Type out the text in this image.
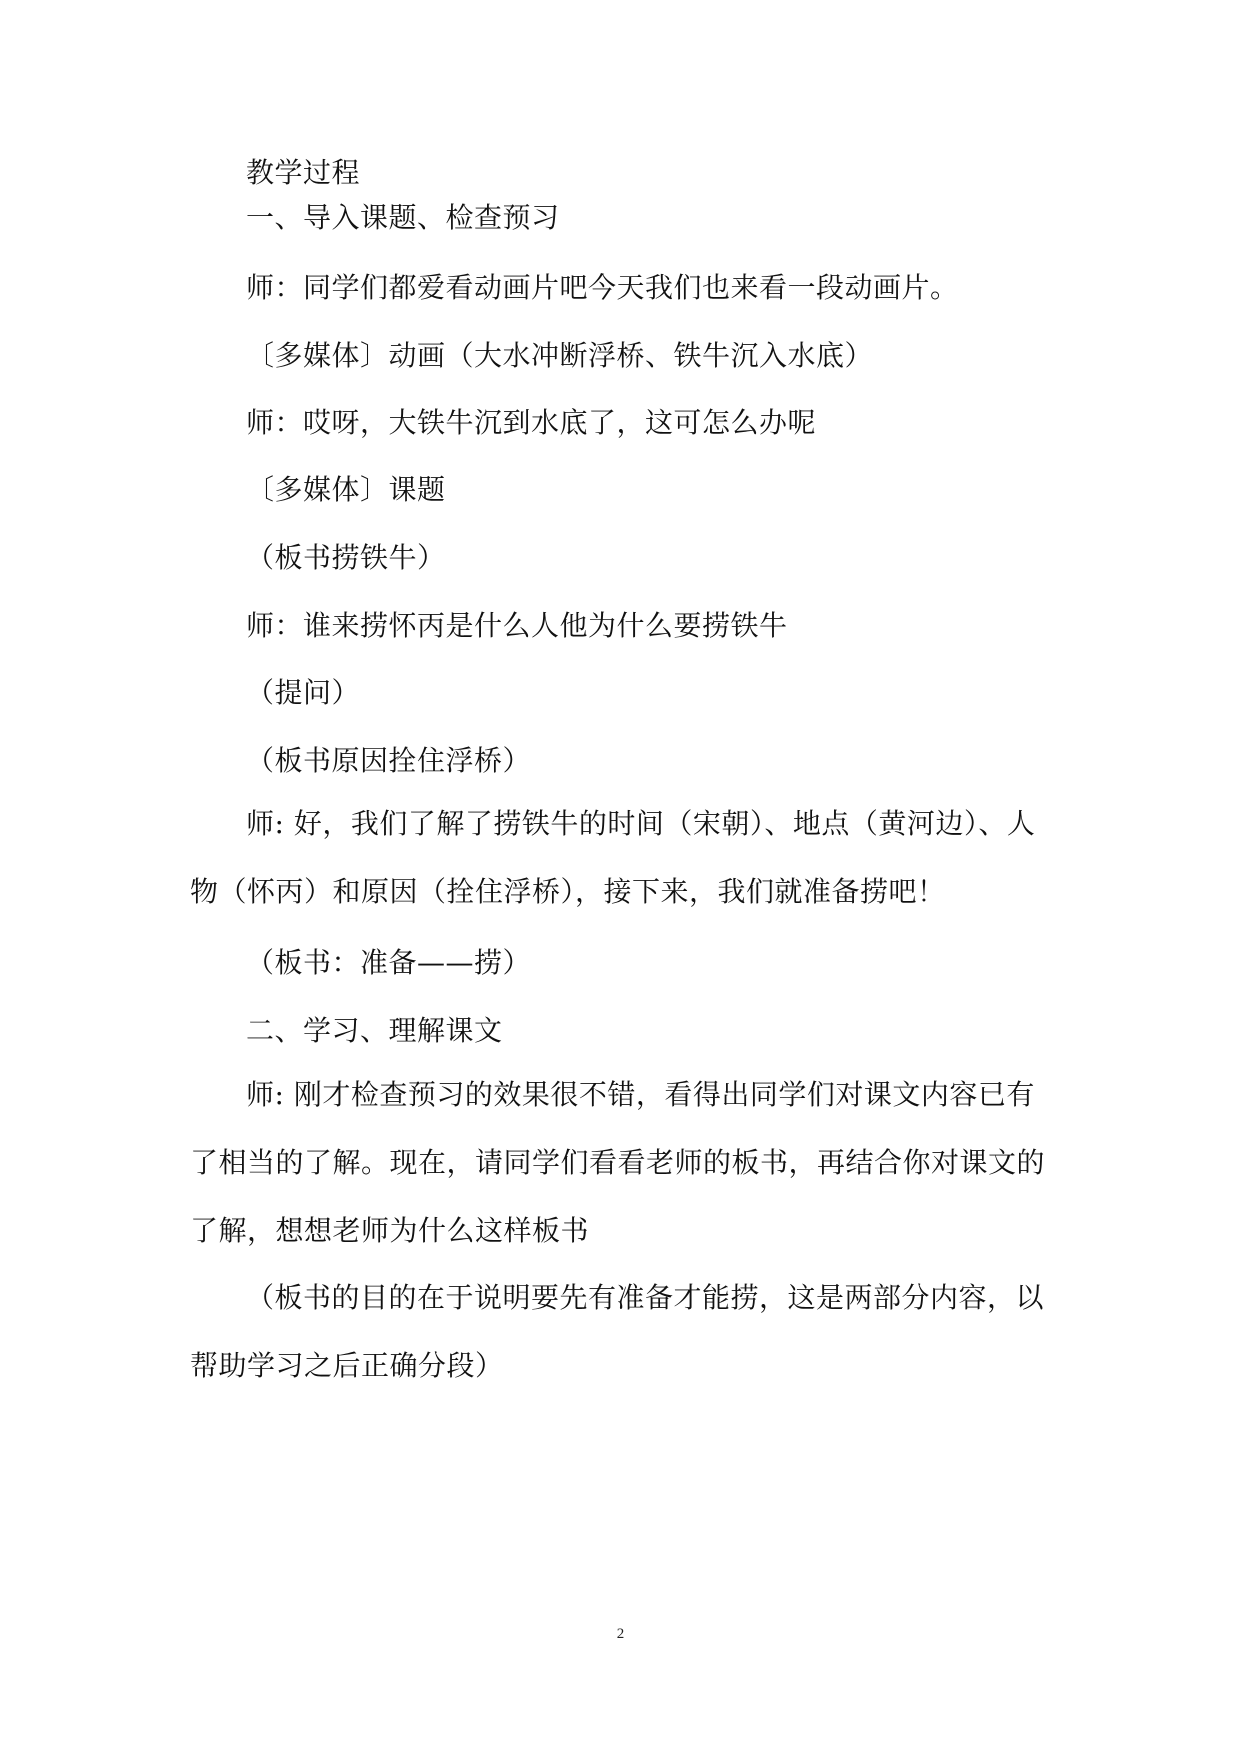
教学过程

一、导入课题、检查预习

师：同学们都爱看动画片吧今天我们也来看一段动画片。

〔多媒体〕动画（大水冲断浮桥、铁牛沉入水底）

师：哎呀，大铁牛沉到水底了，这可怎么办呢

〔多媒体〕课题

（板书捞铁牛）

师：谁来捞怀丙是什么人他为什么要捞铁牛

（提问）

（板书原因拴住浮桥）

师: 好，我们了解了捞铁牛的时间（宋朝）、地点（黄河边）、人物（怀丙）和原因（拴住浮桥），接下来，我们就准备捞吧！

（板书：准备——捞）

二、学习、理解课文

师: 刚才检查预习的效果很不错，看得出同学们对课文内容已有了相当的了解。现在，请同学们看看老师的板书，再结合你对课文的了解，想想老师为什么这样板书

（板书的目的在于说明要先有准备才能捞，这是两部分内容，以帮助学习之后正确分段）

2
